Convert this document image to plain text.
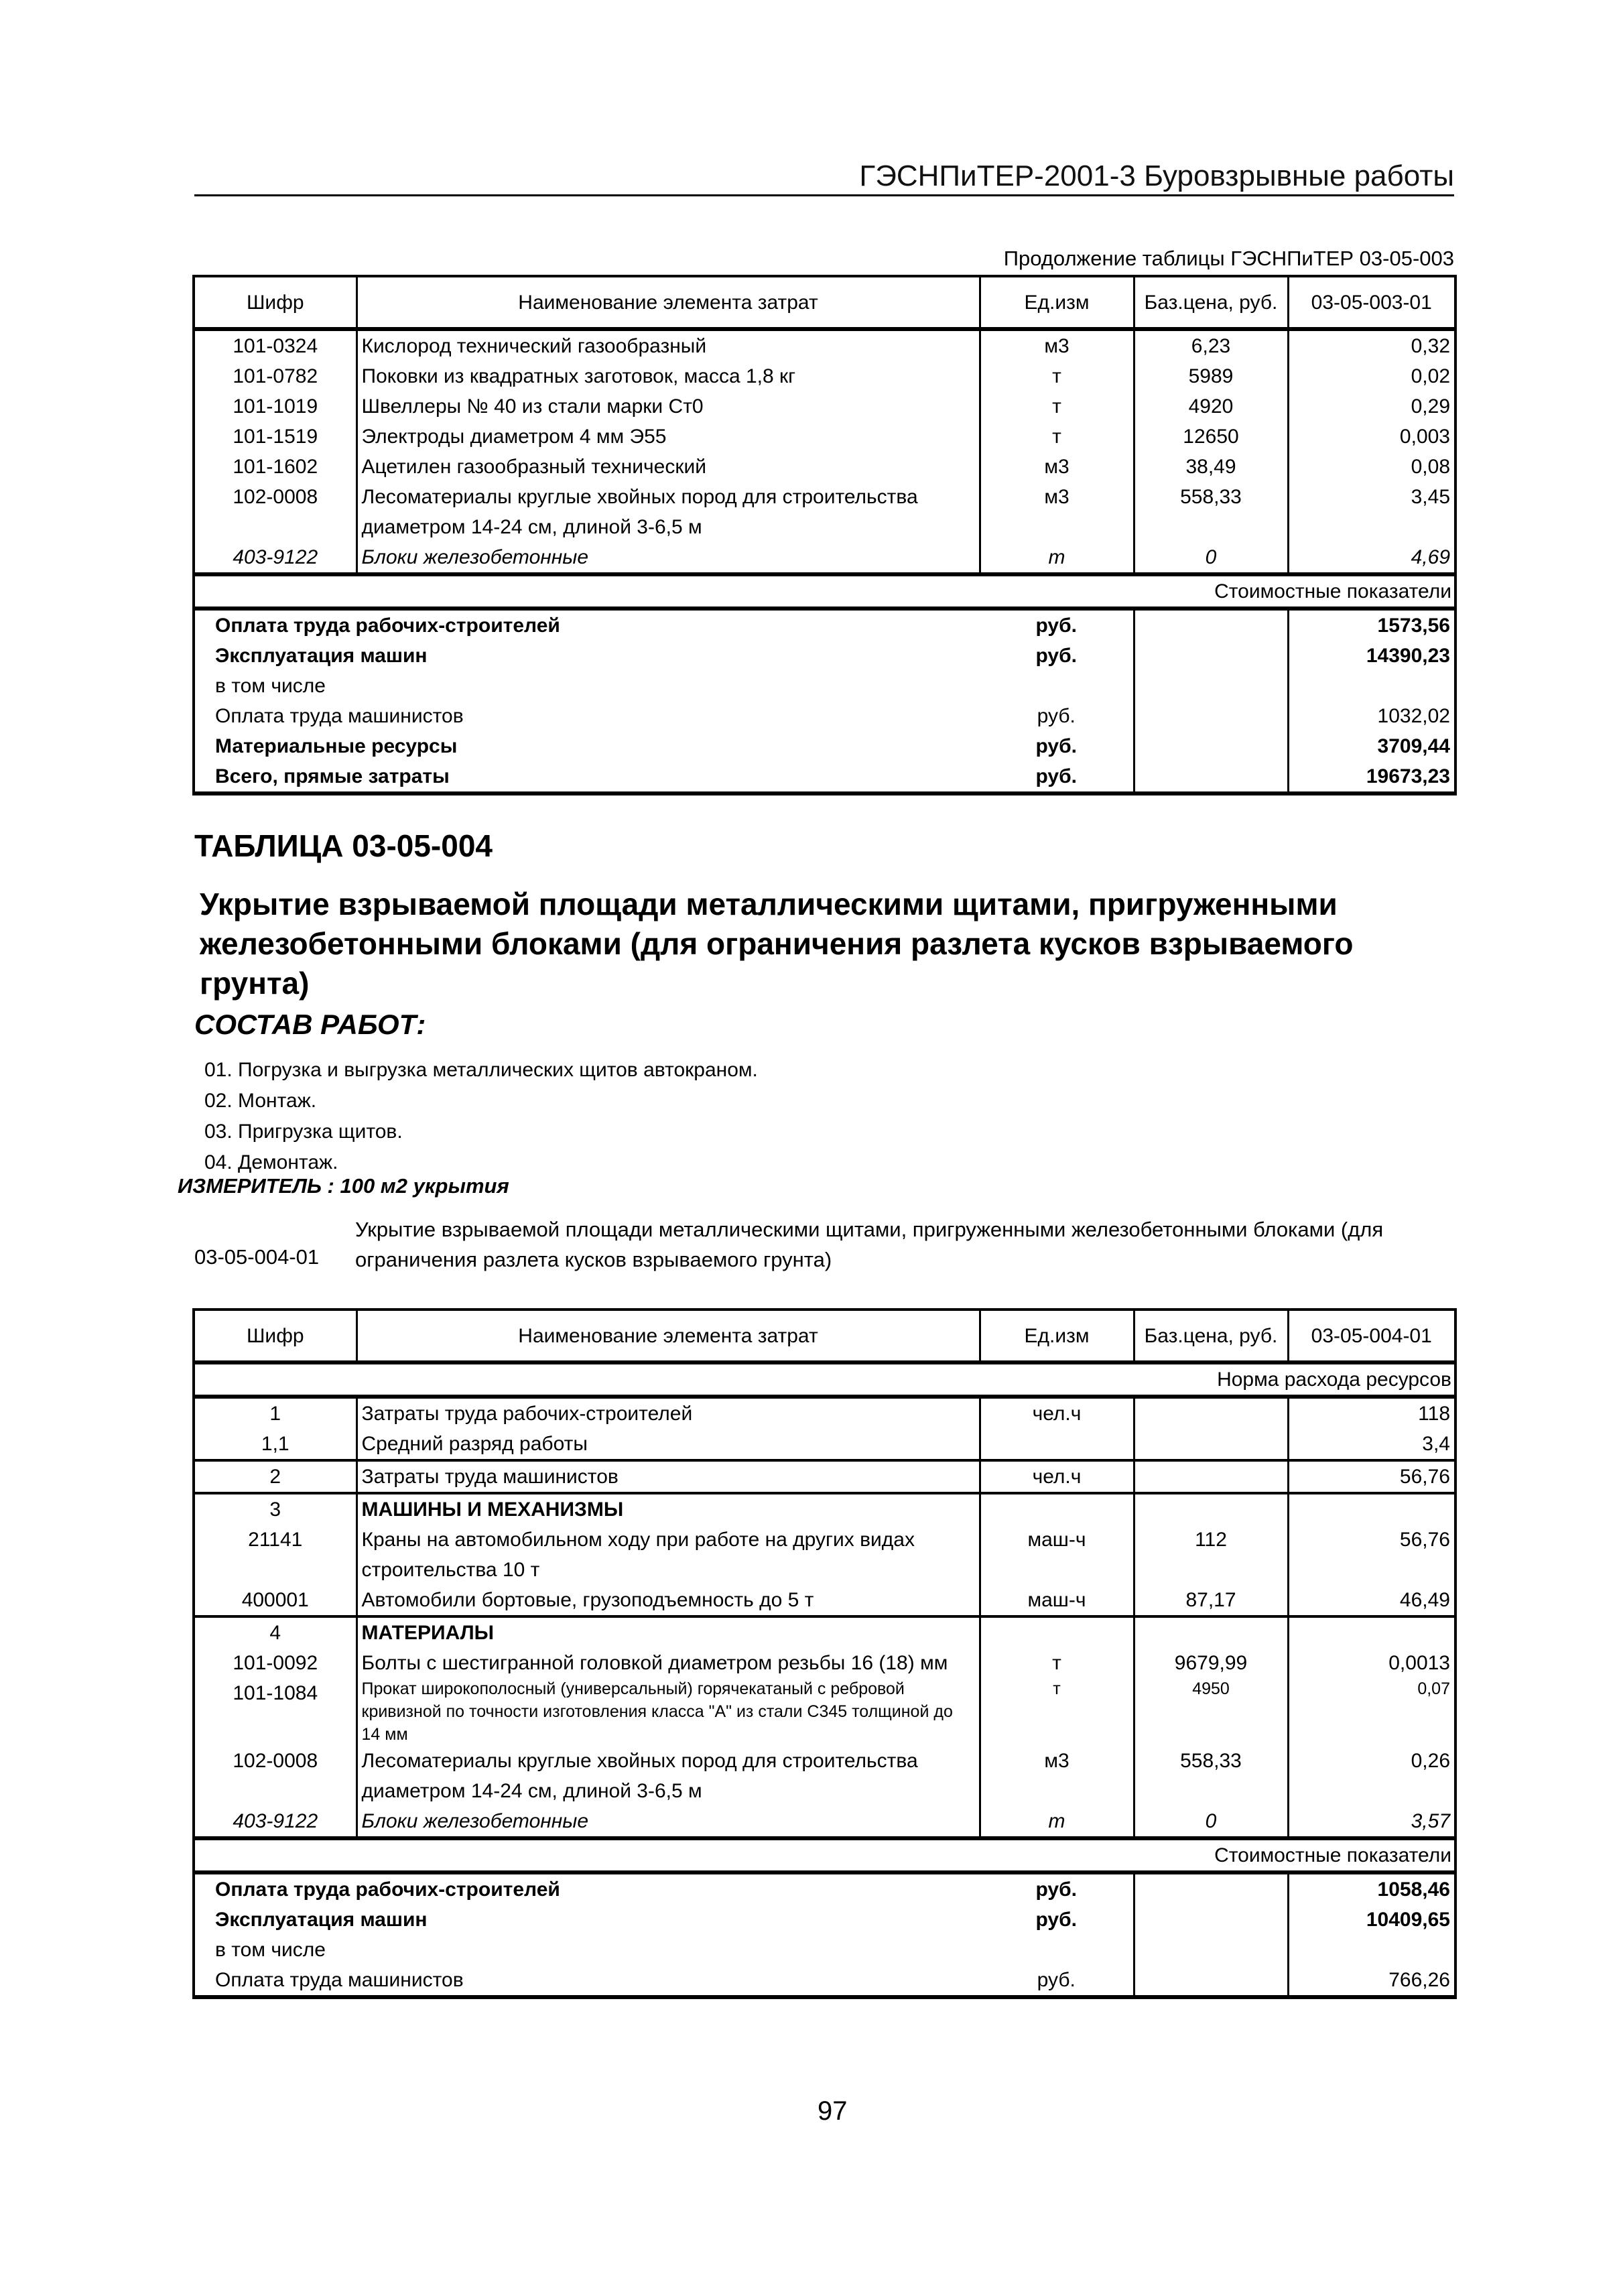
ГЭСНПиТЕР-2001-3 Буровзрывные работы
Продолжение таблицы ГЭСНПиТЕР 03-05-003
Шифр	Наименование элемента затрат	Ед.изм	Баз.цена, руб.	03-05-003-01
101-0324	Кислород технический газообразный	м3	6,23	0,32
101-0782	Поковки из квадратных заготовок, масса 1,8 кг	т	5989	0,02
101-1019	Швеллеры № 40 из стали марки Ст0	т	4920	0,29
101-1519	Электроды диаметром 4 мм Э55	т	12650	0,003
101-1602	Ацетилен газообразный технический	м3	38,49	0,08
102-0008	Лесоматериалы круглые хвойных пород для строительства диаметром 14-24 см, длиной 3-6,5 м	м3	558,33	3,45
403-9122	Блоки железобетонные	т	0	4,69
Стоимостные показатели				
Оплата труда рабочих-строителей		руб.		1573,56
Эксплуатация машин		руб.		14390,23
в том числе				
Оплата труда машинистов		руб.		1032,02
Материальные ресурсы		руб.		3709,44
Всего, прямые затраты		руб.		19673,23
ТАБЛИЦА 03-05-004
Укрытие взрываемой площади металлическими щитами, пригруженными железобетонными блоками (для ограничения разлета кусков взрываемого грунта)
СОСТАВ РАБОТ:
01. Погрузка и выгрузка металлических щитов автокраном.
02. Монтаж.
03. Пригрузка щитов.
04. Демонтаж.
ИЗМЕРИТЕЛЬ : 100 м2 укрытия
03-05-004-01
Укрытие взрываемой площади металлическими щитами, пригруженными железобетонными блоками (для ограничения разлета кусков взрываемого грунта)
Шифр	Наименование элемента затрат	Ед.изм	Баз.цена, руб.	03-05-004-01
Норма расхода ресурсов				
1	Затраты труда рабочих-строителей	чел.ч		118
1,1	Средний разряд работы			3,4
2	Затраты труда машинистов	чел.ч		56,76
3	МАШИНЫ И МЕХАНИЗМЫ			
21141	Краны на автомобильном ходу при работе на других видах строительства 10 т	маш-ч	112	56,76
400001	Автомобили бортовые, грузоподъемность до 5 т	маш-ч	87,17	46,49
4	МАТЕРИАЛЫ			
101-0092	Болты с шестигранной головкой диаметром резьбы 16 (18) мм	т	9679,99	0,0013
101-1084	Прокат широкополосный (универсальный) горячекатаный с ребровой кривизной по точности изготовления класса "А" из стали С345 толщиной до 14 мм	т	4950	0,07
102-0008	Лесоматериалы круглые хвойных пород для строительства диаметром 14-24 см, длиной 3-6,5 м	м3	558,33	0,26
403-9122	Блоки железобетонные	т	0	3,57
Стоимостные показатели				
Оплата труда рабочих-строителей		руб.		1058,46
Эксплуатация машин		руб.		10409,65
в том числе				
Оплата труда машинистов		руб.		766,26
97
